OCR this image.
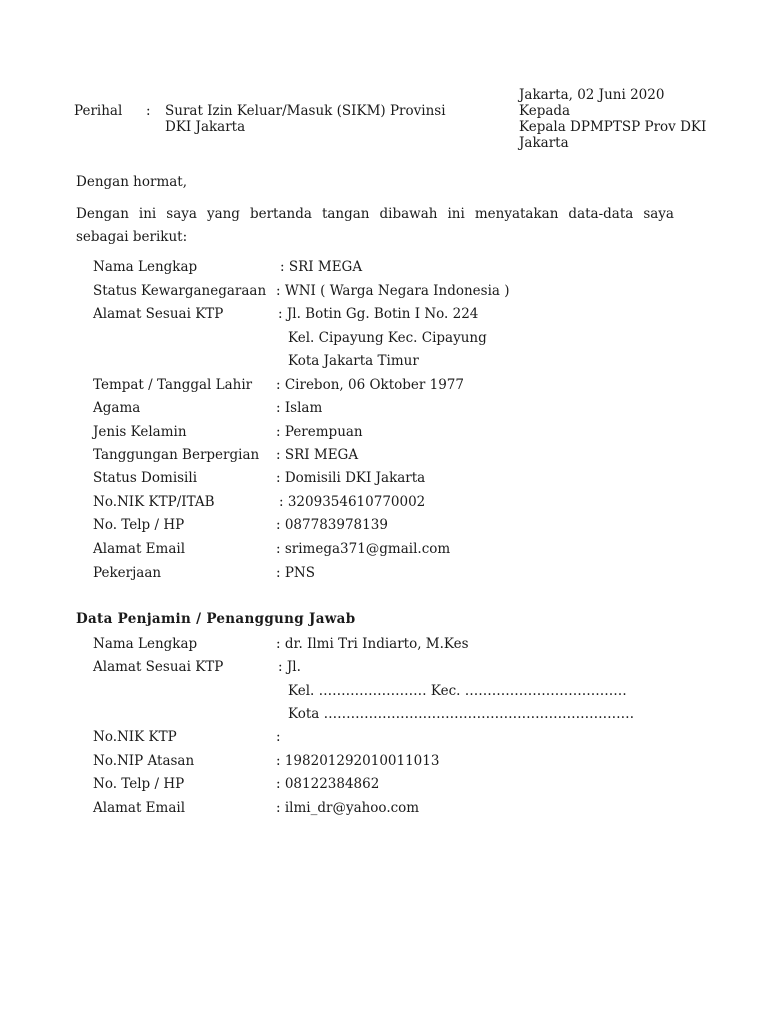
Jakarta, 02 Juni 2020
Kepada
Kepala DPMPTSP Prov DKI
Jakarta
Perihal : Surat Izin Keluar/Masuk (SIKM) Provinsi
DKI Jakarta
Dengan hormat,
Dengan ini saya yang bertanda tangan dibawah ini menyatakan data-data saya
sebagai berikut:
Nama Lengkap	: SRI MEGA
Status Kewarganegaraan : WNI ( Warga Negara Indonesia )
Alamat Sesuai KTP	: Jl. Botin Gg. Botin I No. 224
Kel. Cipayung Kec. Cipayung
Kota Jakarta Timur
Tempat / Tanggal Lahir : Cirebon, 06 Oktober 1977
Agama	: Islam
Jenis Kelamin	: Perempuan
Tanggungan Berpergian : SRI MEGA
Status Domisili	: Domisili DKI Jakarta
No.NIK KTP/ITAB	: 3209354610770002
No. Telp / HP	: 087783978139
Alamat Email	: srimega371@gmail.com
Pekerjaan	: PNS
Data Penjamin / Penanggung Jawab
Nama Lengkap	: dr. Ilmi Tri Indiarto, M.Kes
Alamat Sesuai KTP	: Jl.
Kel. …………………… Kec. ………………………………
Kota ……………………………………………………………
No.NIK KTP	:
No.NIP Atasan	: 198201292010011013
No. Telp / HP	: 08122384862
Alamat Email	: ilmi_dr@yahoo.com
